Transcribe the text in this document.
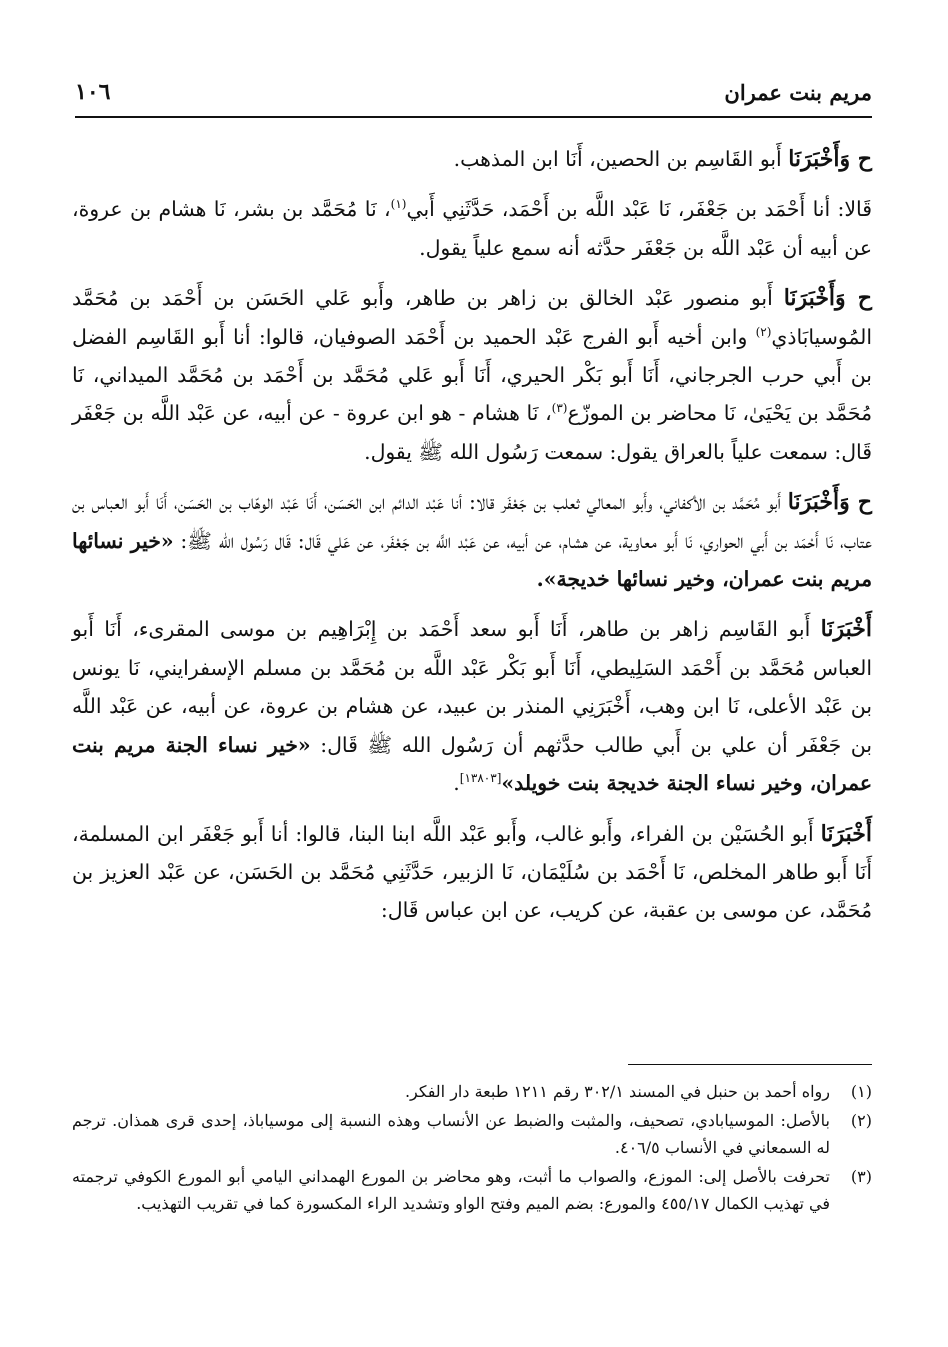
١٠٦	مريم بنت عمران

ح وَأَخْبَرَنَا أَبو القَاسِم بن الحصين، أَنَا ابن المذهب.

قَالا: أنا أَحْمَد بن جَعْفَر، نَا عَبْد اللَّه بن أَحْمَد، حَدَّثَنِي أَبي$^{(١)}$، نَا مُحَمَّد بن بشر، نَا هشام بن عروة، عن أبيه أن عَبْد اللَّه بن جَعْفَر حدَّثه أنه سمع علياً يقول.

ح وَأَخْبَرَنَا أَبو منصور عَبْد الخالق بن زاهر بن طاهر، وأَبو عَلي الحَسَن بن أَحْمَد بن مُحَمَّد المُوسيابَاذي$^{(٢)}$ وابن أخيه أَبو الفرج عَبْد الحميد بن أَحْمَد الصوفيان، قالوا: أنا أَبو القَاسِم الفضل بن أَبي حرب الجرجاني، أَنَا أَبو بَكْر الحيري، أَنَا أَبو عَلي مُحَمَّد بن أَحْمَد بن مُحَمَّد الميداني، نَا مُحَمَّد بن يَحْيَىٰ، نَا محاضر بن الموزّع$^{(٣)}$، نَا هشام - هو ابن عروة - عن أبيه، عن عَبْد اللَّه بن جَعْفَر قَال: سمعت علياً بالعراق يقول: سمعت رَسُول الله ﷺ يقول.

ح وَأَخْبَرَنَا أَبو مُحَمَّد بن الأكفاني، وأَبو المعالي ثعلب بن جَعْفَر قالا: أنا عَبْد الدائم ابن الحَسَن، أَنَا عَبْد الوهّاب بن الحَسَن، أَنَا أَبو العباس بن عتاب، نَا أَحْمَد بن أَبي الحواري، نَا أَبو معاوية، عن هشام، عن أبيه، عن عَبْد اللَّه بن جَعْفَر، عن عَلي قَال: قَال رَسُول الله ﷺ: «خير نسائها مريم بنت عمران، وخير نسائها خديجة».

أَخْبَرَنَا أَبو القَاسِم زاهر بن طاهر، أَنَا أَبو سعد أَحْمَد بن إِبْرَاهِيم بن موسى المقرىء، أَنَا أَبو العباس مُحَمَّد بن أَحْمَد السَلِيطي، أَنَا أَبو بَكْر عَبْد اللَّه بن مُحَمَّد بن مسلم الإسفرايني، نَا يونس بن عَبْد الأعلى، نَا ابن وهب، أَخْبَرَنِي المنذر بن عبيد، عن هشام بن عروة، عن أبيه، عن عَبْد اللَّه بن جَعْفَر أن علي بن أَبي طالب حدَّثهم أن رَسُول الله ﷺ قَال: «خير نساء الجنة مريم بنت عمران، وخير نساء الجنة خديجة بنت خويلد»[١٣٨٠٣].

أَخْبَرَنَا أَبو الحُسَيْن بن الفراء، وأَبو غالب، وأَبو عَبْد اللَّه ابنا البنا، قالوا: أنا أَبو جَعْفَر ابن المسلمة، أَنَا أَبو طاهر المخلص، نَا أَحْمَد بن سُلَيْمَان، نَا الزبير، حَدَّثَنِي مُحَمَّد بن الحَسَن، عن عَبْد العزيز بن مُحَمَّد، عن موسى بن عقبة، عن كريب، عن ابن عباس قَال:

(١)
رواه أحمد بن حنبل في المسند ٣٠٢/١ رقم ١٢١١ طبعة دار الفكر.
(٢)
بالأصل: الموسيابادي، تصحيف، والمثبت والضبط عن الأنساب وهذه النسبة إلى موسياباذ، إحدى قرى همذان. ترجم له السمعاني في الأنساب ٤٠٦/٥.
(٣)
تحرفت بالأصل إلى: الموزع، والصواب ما أثبت، وهو محاضر بن المورع الهمداني اليامي أبو المورع الكوفي ترجمته في تهذيب الكمال ٤٥٥/١٧ والمورع: بضم الميم وفتح الواو وتشديد الراء المكسورة كما في تقريب التهذيب.
